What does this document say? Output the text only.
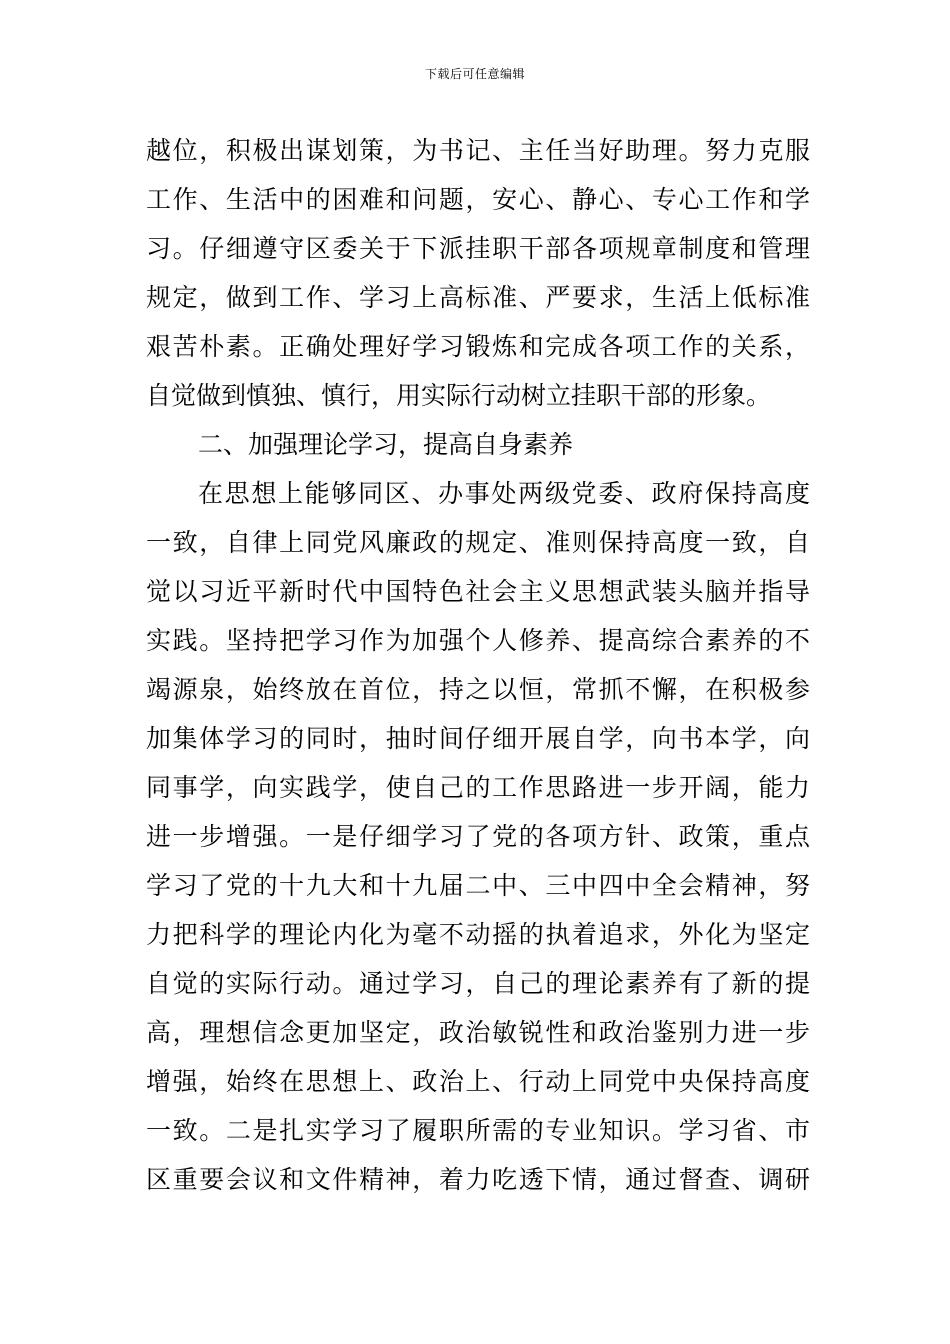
下载后可任意编辑
越位，积极出谋划策，为书记、主任当好助理。努力克服
工作、生活中的困难和问题，安心、静心、专心工作和学
习。仔细遵守区委关于下派挂职干部各项规章制度和管理
规定，做到工作、学习上高标准、严要求，生活上低标准
艰苦朴素。正确处理好学习锻炼和完成各项工作的关系，
自觉做到慎独、慎行，用实际行动树立挂职干部的形象。
二、加强理论学习，提高自身素养
在思想上能够同区、办事处两级党委、政府保持高度
一致，自律上同党风廉政的规定、准则保持高度一致，自
觉以习近平新时代中国特色社会主义思想武装头脑并指导
实践。坚持把学习作为加强个人修养、提高综合素养的不
竭源泉，始终放在首位，持之以恒，常抓不懈，在积极参
加集体学习的同时，抽时间仔细开展自学，向书本学，向
同事学，向实践学，使自己的工作思路进一步开阔，能力
进一步增强。一是仔细学习了党的各项方针、政策，重点
学习了党的十九大和十九届二中、三中四中全会精神，努
力把科学的理论内化为毫不动摇的执着追求，外化为坚定
自觉的实际行动。通过学习，自己的理论素养有了新的提
高，理想信念更加坚定，政治敏锐性和政治鉴别力进一步
增强，始终在思想上、政治上、行动上同党中央保持高度
一致。二是扎实学习了履职所需的专业知识。学习省、市
区重要会议和文件精神，着力吃透下情，通过督查、调研
